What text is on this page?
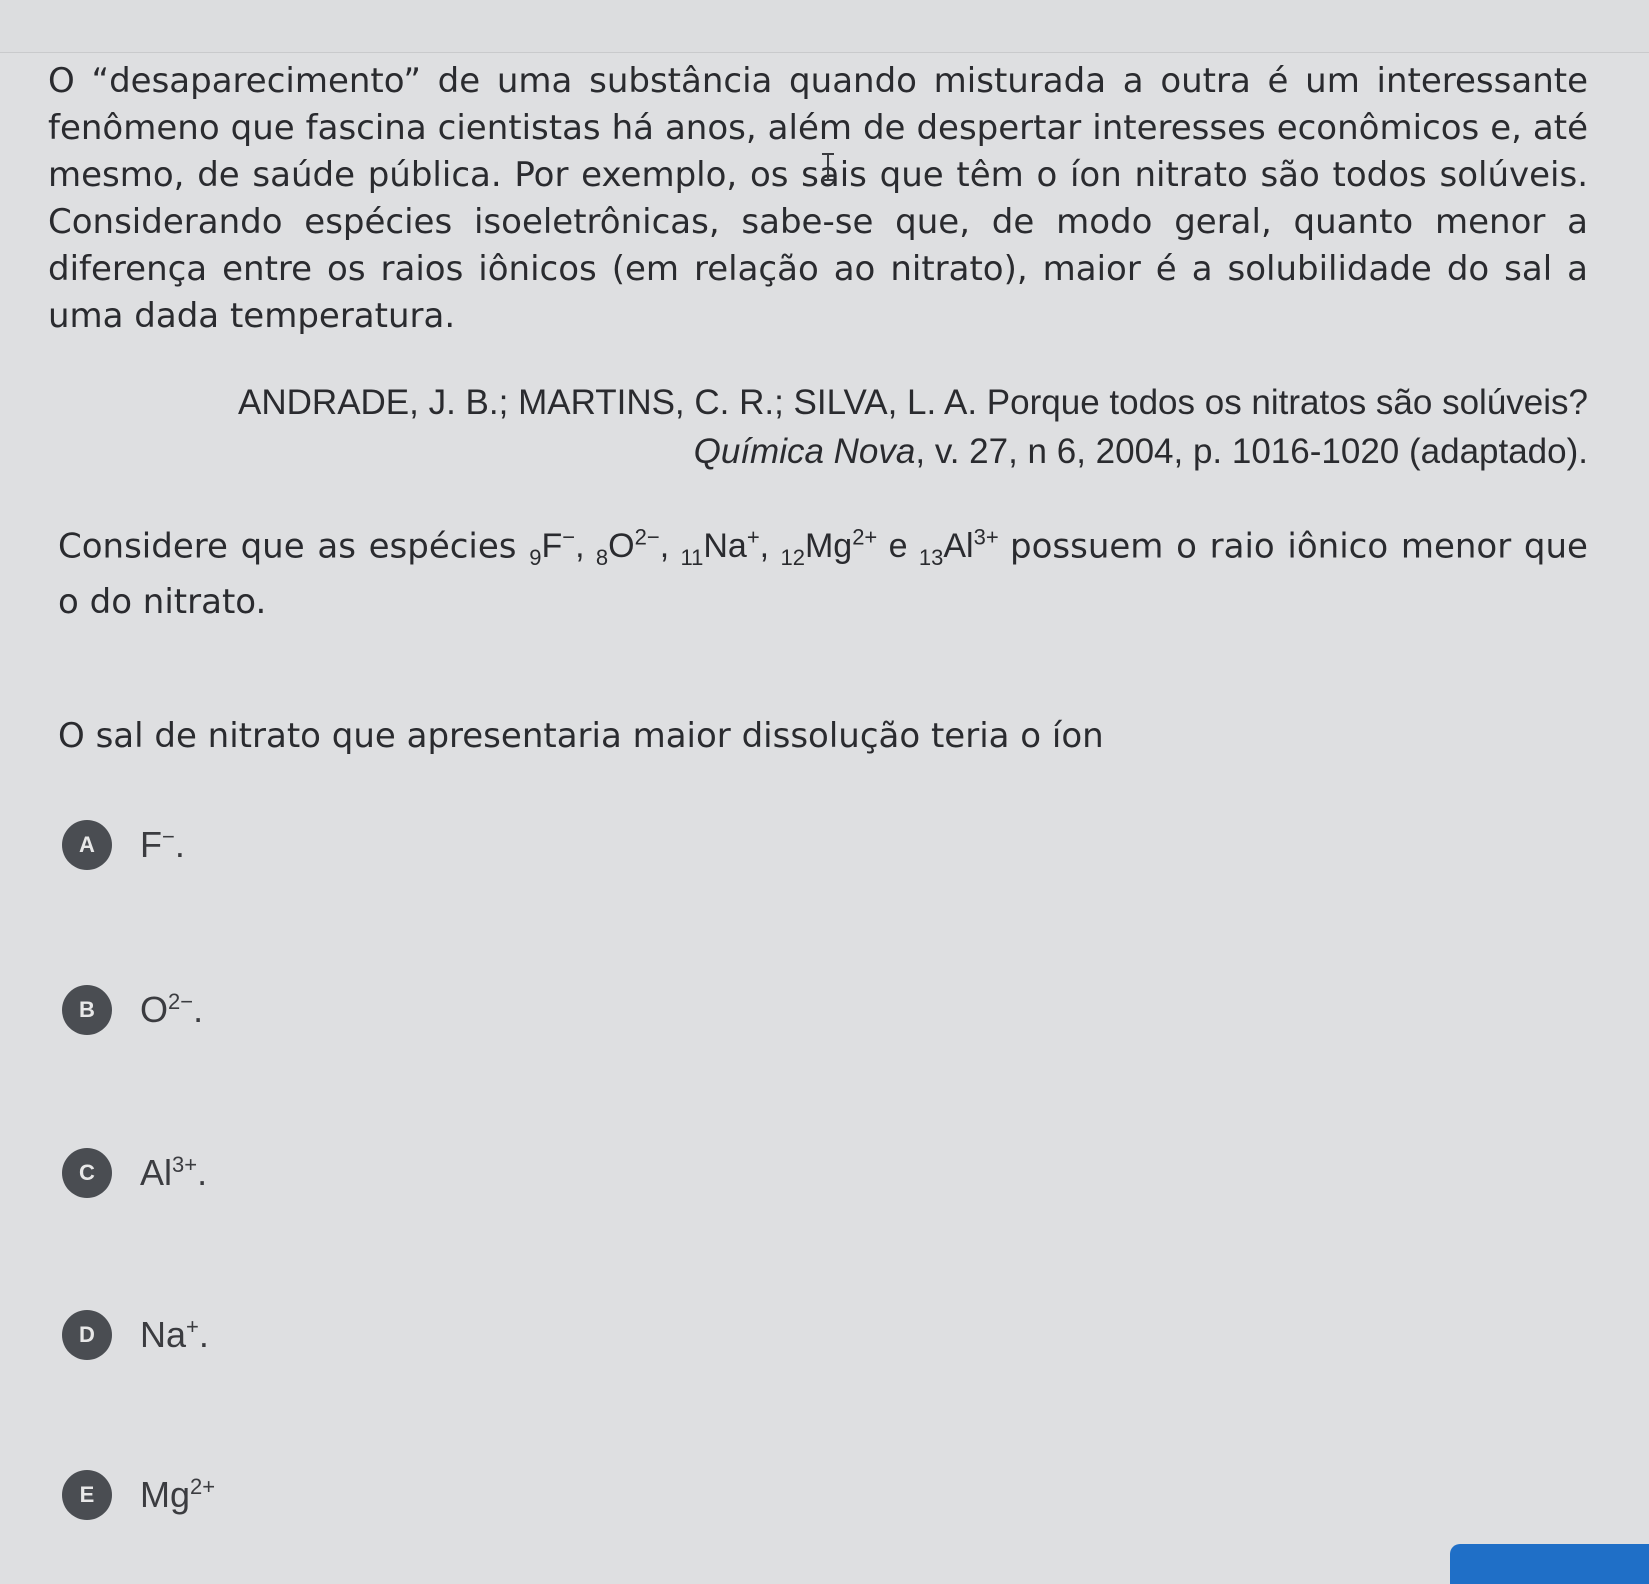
O “desaparecimento” de uma substância quando misturada a outra é um interessante fenômeno que fascina cientistas há anos, além de despertar interesses econômicos e, até mesmo, de saúde pública. Por exemplo, os sais que têm o íon nitrato são todos solúveis. Considerando espécies isoeletrônicas, sabe-se que, de modo geral, quanto menor a diferença entre os raios iônicos (em relação ao nitrato), maior é a solubilidade do sal a uma dada temperatura.
ANDRADE, J. B.; MARTINS, C. R.; SILVA, L. A. Porque todos os nitratos são solúveis?
Química Nova, v. 27, n 6, 2004, p. 1016-1020 (adaptado).
Considere que as espécies $_9$F−, $_8O^{2-}$, $_{11}$Na+, $_{12}Mg^{2+}$ e $_{13}Al^{3+}$ possuem o raio iônico menor que o do nitrato.
O sal de nitrato que apresentaria maior dissolução teria o íon
A	F−.
B	$O^{2-}$.
C	$Al^{3+}$.
D	Na+.
E	$Mg^{2+}$
